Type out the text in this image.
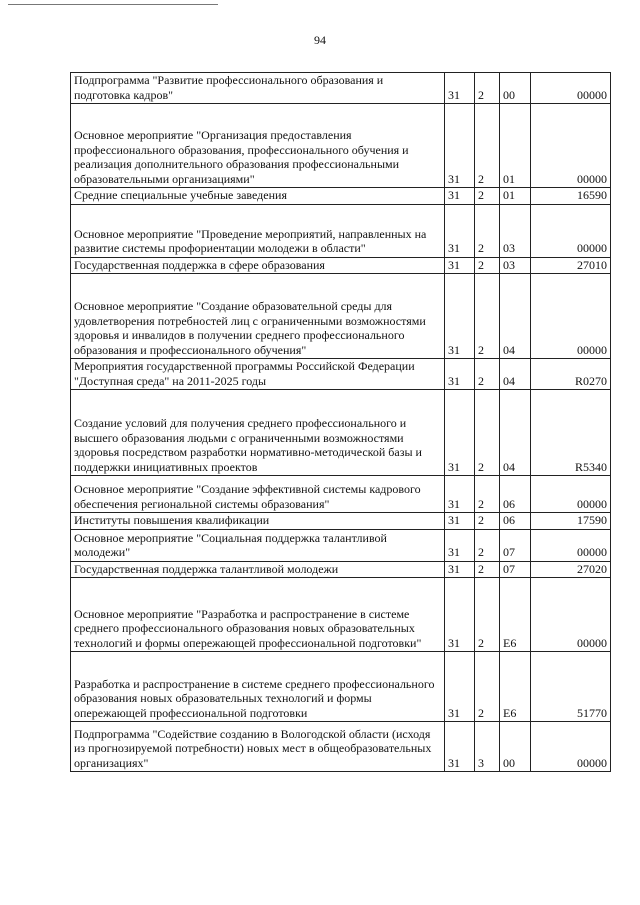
94
Подпрограмма "Развитие профессионального образования и подготовка кадров"	31	2	00	00000
Основное мероприятие "Организация предоставления профессионального образования, профессионального обучения и реализация дополнительного образования профессиональными образовательными организациями"	31	2	01	00000
Средние специальные учебные заведения	31	2	01	16590
Основное мероприятие "Проведение мероприятий, направленных на развитие системы профориентации молодежи в области"	31	2	03	00000
Государственная поддержка в сфере образования	31	2	03	27010
Основное мероприятие "Создание образовательной среды для удовлетворения потребностей лиц с ограниченными возможностями здоровья и инвалидов в получении среднего профессионального образования и профессионального обучения"	31	2	04	00000
Мероприятия государственной программы Российской Федерации "Доступная среда" на 2011-2025 годы	31	2	04	R0270
Создание условий для получения среднего профессионального и высшего образования людьми с ограниченными возможностями здоровья посредством разработки нормативно-методической базы и поддержки инициативных проектов	31	2	04	R5340
Основное мероприятие "Создание эффективной системы кадрового обеспечения региональной системы образования"	31	2	06	00000
Институты повышения квалификации	31	2	06	17590
Основное мероприятие "Социальная поддержка талантливой молодежи"	31	2	07	00000
Государственная поддержка талантливой молодежи	31	2	07	27020
Основное мероприятие "Разработка и распространение в системе среднего профессионального образования новых образовательных технологий и формы опережающей профессиональной подготовки"	31	2	Е6	00000
Разработка и распространение в системе среднего профессионального образования новых образовательных технологий и формы опережающей профессиональной подготовки	31	2	Е6	51770
Подпрограмма "Содействие созданию в Вологодской области (исходя из прогнозируемой потребности) новых мест в общеобразовательных организациях"	31	3	00	00000
